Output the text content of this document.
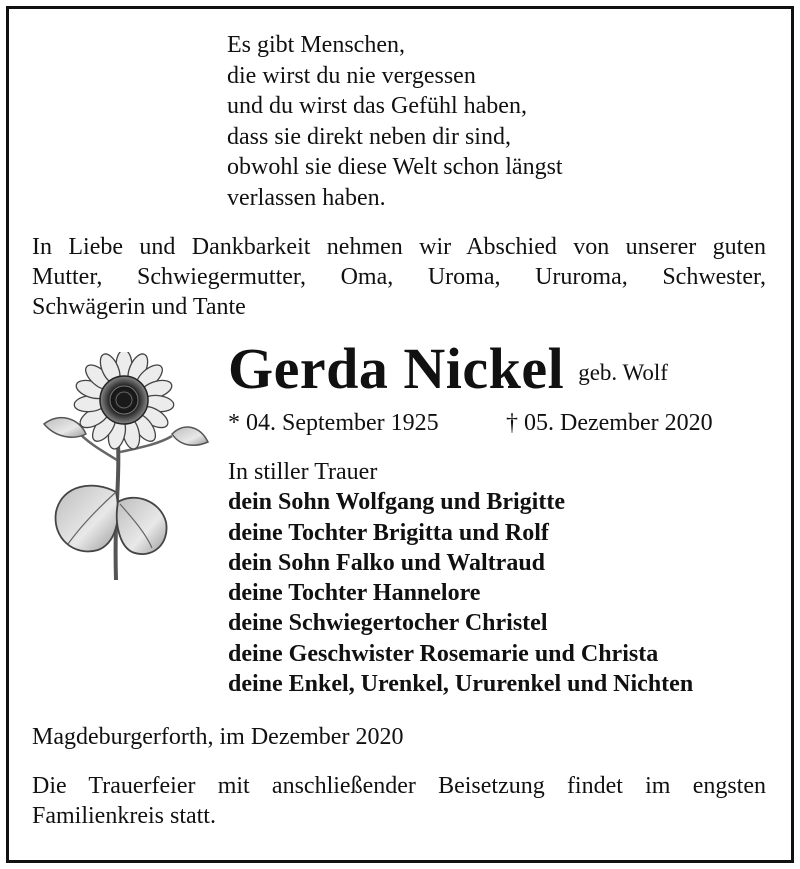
Es gibt Menschen,
die wirst du nie vergessen
und du wirst das Gefühl haben,
dass sie direkt neben dir sind,
obwohl sie diese Welt schon längst
verlassen haben.
In Liebe und Dankbarkeit nehmen wir Abschied von unserer guten
Mutter, Schwiegermutter, Oma, Uroma, Ururoma, Schwester,
Schwägerin und Tante
Gerda Nickel geb. Wolf
* 04. September 1925	† 05. Dezember 2020
In stiller Trauer
dein Sohn Wolfgang und Brigitte
deine Tochter Brigitta und Rolf
dein Sohn Falko und Waltraud
deine Tochter Hannelore
deine Schwiegertocher Christel
deine Geschwister Rosemarie und Christa
deine Enkel, Urenkel, Ururenkel und Nichten
Magdeburgerforth, im Dezember 2020
Die Trauerfeier mit anschließender Beisetzung findet im engsten
Familienkreis statt.
